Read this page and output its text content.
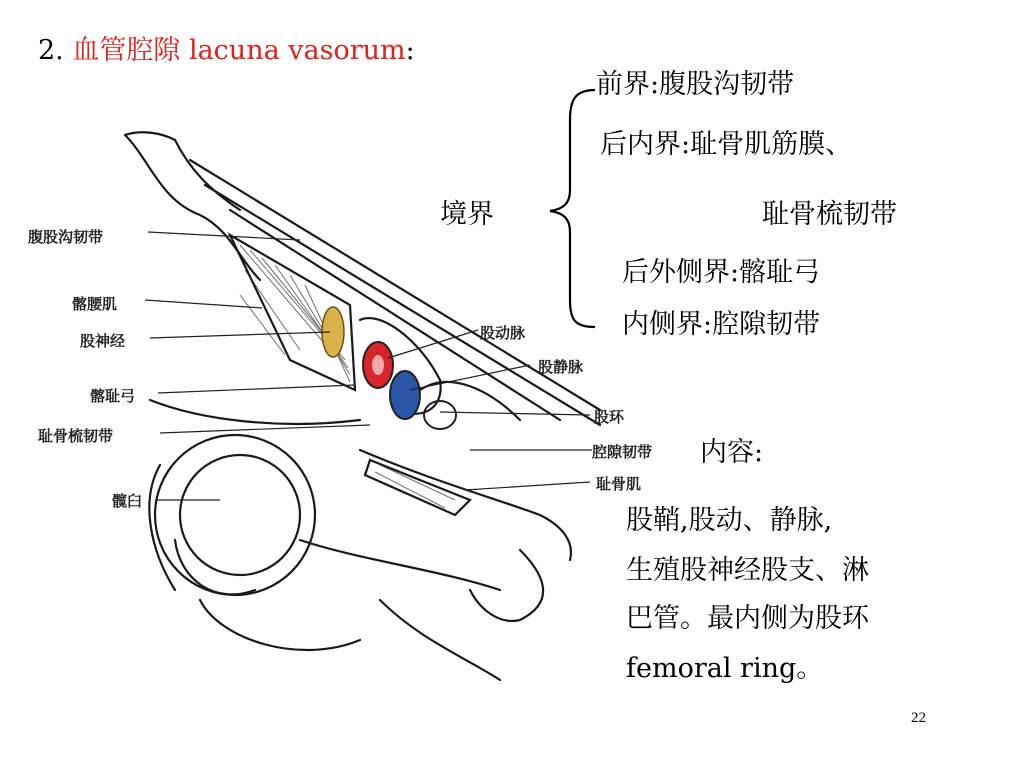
2. 血管腔隙 lacuna vasorum:
腹股沟韧带
髂腰肌
股神经
髂耻弓
耻骨梳韧带
髋臼
股动脉
股静脉
股环
腔隙韧带
耻骨肌
境界
前界:腹股沟韧带
后内界:耻骨肌筋膜、
耻骨梳韧带
后外侧界:髂耻弓
内侧界:腔隙韧带
内容:
股鞘,股动、静脉,
生殖股神经股支、淋
巴管。最内侧为股环
femoral ring。
22
